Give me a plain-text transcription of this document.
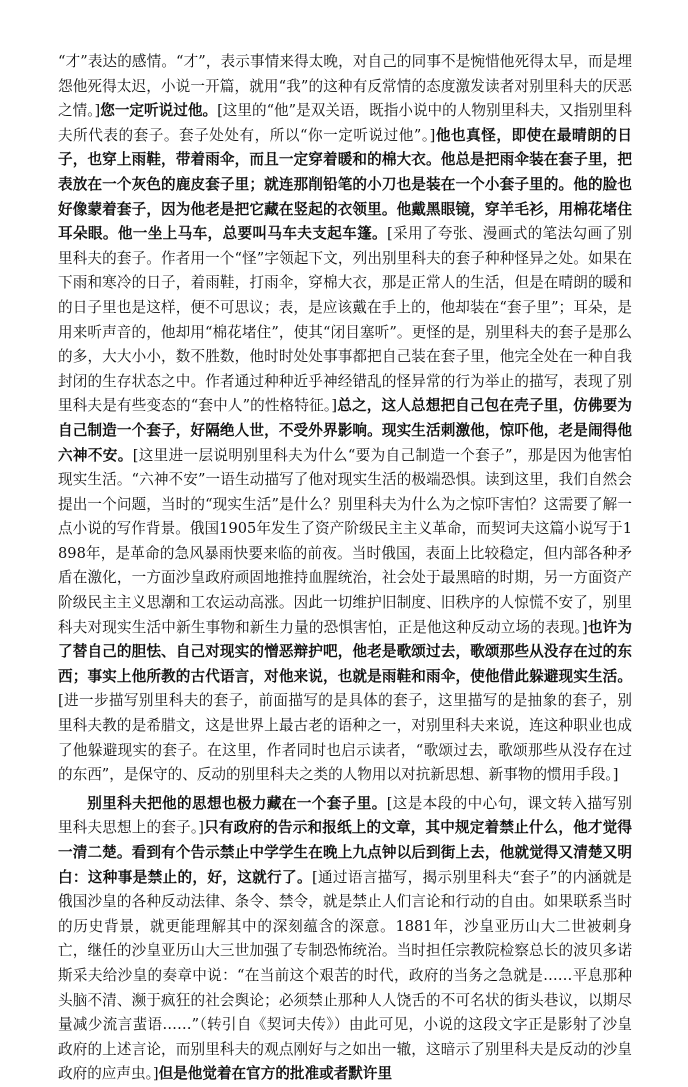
“才”表达的感情。“才”，表示事情来得太晚，对自己的同事不是惋惜他死得太早，而是埋怨他死得太迟，小说一开篇，就用“我”的这种有反常情的态度激发读者对别里科夫的厌恶之情。]您一定听说过他。[这里的“他”是双关语，既指小说中的人物别里科夫，又指别里科夫所代表的套子。套子处处有，所以“你一定听说过他”。]他也真怪，即使在最晴朗的日子，也穿上雨鞋，带着雨伞，而且一定穿着暖和的棉大衣。他总是把雨伞装在套子里，把表放在一个灰色的鹿皮套子里；就连那削铅笔的小刀也是装在一个小套子里的。他的脸也好像蒙着套子，因为他老是把它藏在竖起的衣领里。他戴黑眼镜，穿羊毛衫，用棉花堵住耳朵眼。他一坐上马车，总要叫马车夫支起车篷。[采用了夸张、漫画式的笔法勾画了别里科夫的套子。作者用一个“怪”字领起下文，列出别里科夫的套子种种怪异之处。如果在下雨和寒冷的日子，着雨鞋，打雨伞，穿棉大衣，那是正常人的生活，但是在晴朗的暖和的日子里也是这样，便不可思议；表，是应该戴在手上的，他却装在“套子里”；耳朵，是用来听声音的，他却用“棉花堵住”，使其“闭目塞听”。更怪的是，别里科夫的套子是那么的多，大大小小，数不胜数，他时时处处事事都把自己装在套子里，他完全处在一种自我封闭的生存状态之中。作者通过种种近乎神经错乱的怪异常的行为举止的描写，表现了别里科夫是有些变态的“套中人”的性格特征。]总之，这人总想把自己包在壳子里，仿佛要为自己制造一个套子，好隔绝人世，不受外界影响。现实生活刺激他，惊吓他，老是闹得他六神不安。[这里进一层说明别里科夫为什么“要为自己制造一个套子”，那是因为他害怕现实生活。“六神不安”一语生动描写了他对现实生活的极端恐惧。读到这里，我们自然会提出一个问题，当时的“现实生活”是什么？别里科夫为什么为之惊吓害怕？这需要了解一点小说的写作背景。俄国1905年发生了资产阶级民主主义革命，而契诃夫这篇小说写于1898年，是革命的急风暴雨快要来临的前夜。当时俄国，表面上比较稳定，但内部各种矛盾在激化，一方面沙皇政府顽固地推持血腥统治，社会处于最黑暗的时期，另一方面资产阶级民主主义思潮和工农运动高涨。因此一切维护旧制度、旧秩序的人惊慌不安了，别里科夫对现实生活中新生事物和新生力量的恐惧害怕，正是他这种反动立场的表现。]也许为了替自己的胆怯、自己对现实的憎恶辩护吧，他老是歌颂过去，歌颂那些从没存在过的东西；事实上他所教的古代语言，对他来说，也就是雨鞋和雨伞，使他借此躲避现实生活。[进一步描写别里科夫的套子，前面描写的是具体的套子，这里描写的是抽象的套子，别里科夫教的是希腊文，这是世界上最古老的语种之一，对别里科夫来说，连这种职业也成了他躲避现实的套子。在这里，作者同时也启示读者，“歌颂过去，歌颂那些从没存在过的东西”，是保守的、反动的别里科夫之类的人物用以对抗新思想、新事物的惯用手段。]

别里科夫把他的思想也极力藏在一个套子里。[这是本段的中心句，课文转入描写别里科夫思想上的套子。]只有政府的告示和报纸上的文章，其中规定着禁止什么，他才觉得一清二楚。看到有个告示禁止中学学生在晚上九点钟以后到街上去，他就觉得又清楚又明白：这种事是禁止的，好，这就行了。[通过语言描写，揭示别里科夫“套子”的内涵就是俄国沙皇的各种反动法律、条令、禁令，就是禁止人们言论和行动的自由。如果联系当时的历史背景，就更能理解其中的深刻蕴含的深意。1881年，沙皇亚历山大二世被刺身亡，继任的沙皇亚历山大三世加强了专制恐怖统治。当时担任宗教院检察总长的波贝多诺斯采夫给沙皇的奏章中说：“在当前这个艰苦的时代，政府的当务之急就是……平息那种头脑不清、濒于疯狂的社会舆论；必须禁止那种人人饶舌的不可名状的街头巷议，以期尽量减少流言蜚语……”（转引自《契诃夫传》）由此可见，小说的这段文字正是影射了沙皇政府的上述言论，而别里科夫的观点刚好与之如出一辙，这暗示了别里科夫是反动的沙皇政府的应声虫。]但是他觉着在官方的批准或者默许里
